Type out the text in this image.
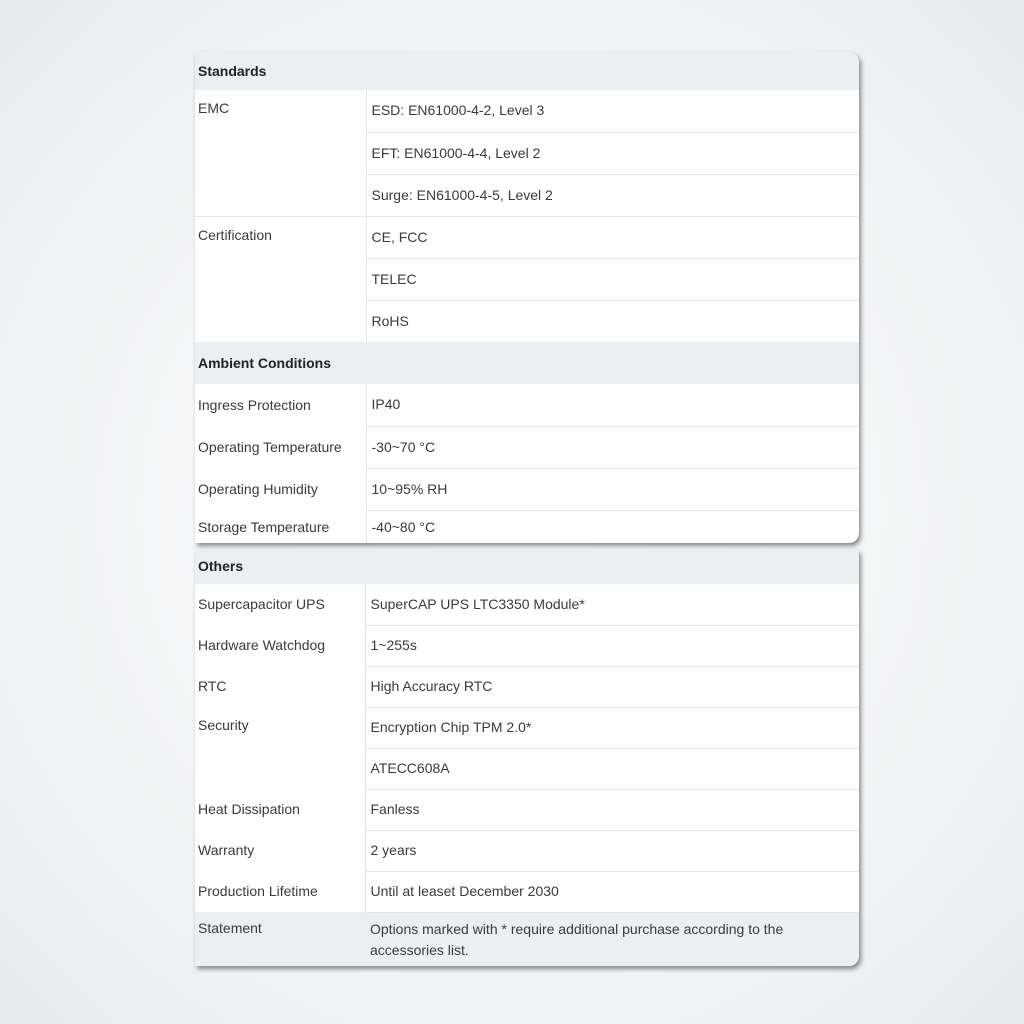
Standards	
EMC	ESD: EN61000-4-2, Level 3
	EFT: EN61000-4-4, Level 2
	Surge: EN61000-4-5, Level 2
Certification	CE, FCC
	TELEC
	RoHS
Ambient Conditions	
Ingress Protection	IP40
Operating Temperature	-30~70 °C
Operating Humidity	10~95% RH
Storage Temperature	-40~80 °C
Others	
Supercapacitor UPS	SuperCAP UPS LTC3350 Module*
Hardware Watchdog	1~255s
RTC	High Accuracy RTC
Security	Encryption Chip TPM 2.0*
	ATECC608A
Heat Dissipation	Fanless
Warranty	2 years
Production Lifetime	Until at leaset December 2030
Statement	Options marked with * require additional purchase according to the accessories list.
